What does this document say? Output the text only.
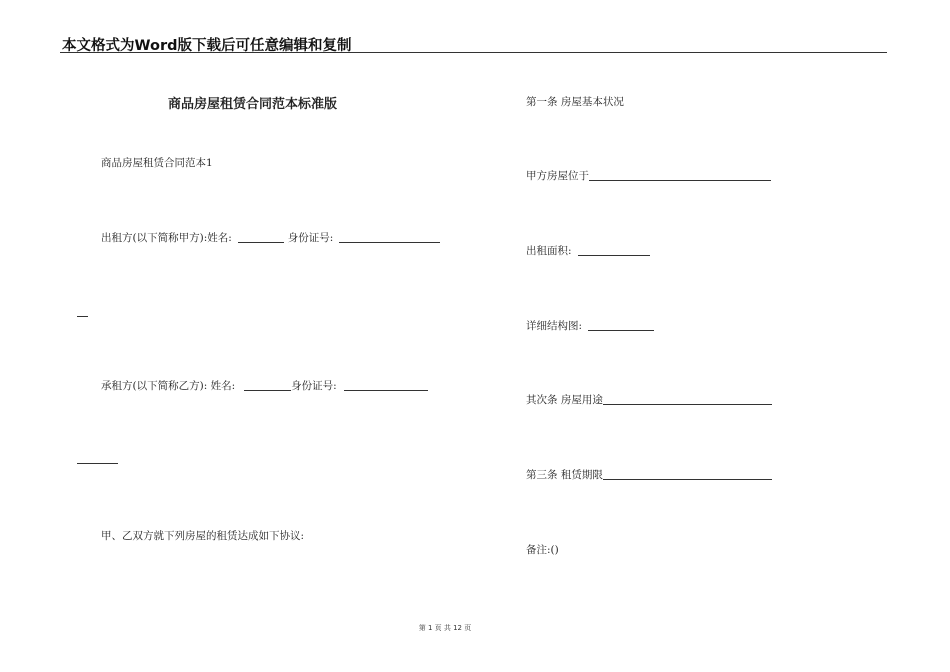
本文格式为Word版下载后可任意编辑和复制
商品房屋租赁合同范本标准版
商品房屋租赁合同范本1
出租方(以下简称甲方):姓名:	身份证号:
承租方(以下简称乙方): 姓名:	身份证号:
甲、乙双方就下列房屋的租赁达成如下协议:
第一条 房屋基本状况
甲方房屋位于
出租面积:
详细结构图:
其次条 房屋用途
第三条 租赁期限
备注:()
第 1 页 共 12 页
